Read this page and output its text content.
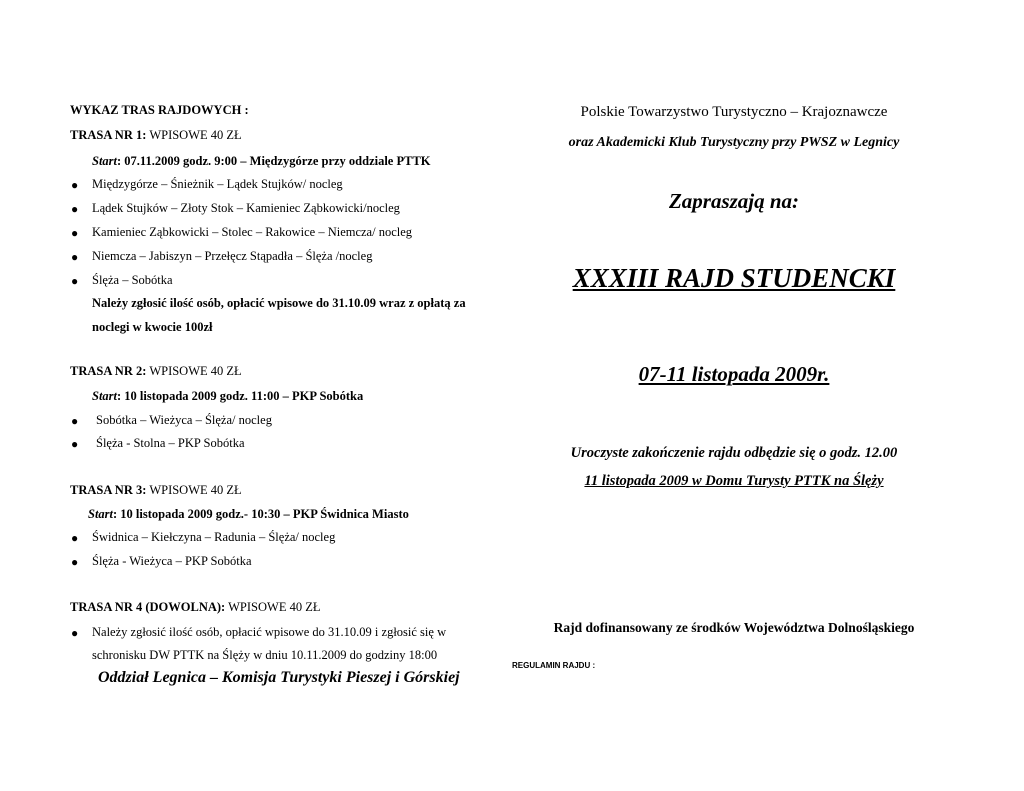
WYKAZ TRAS RAJDOWYCH :
TRASA NR 1: WPISOWE 40 ZŁ
Start: 07.11.2009 godz. 9:00 – Międzygórze przy oddziale PTTK
● Międzygórze – Śnieżnik – Lądek Stujków/ nocleg
● Lądek Stujków – Złoty Stok – Kamieniec Ząbkowicki/nocleg
● Kamieniec Ząbkowicki – Stolec – Rakowice – Niemcza/ nocleg
● Niemcza – Jabiszyn – Przełęcz Stąpadła – Ślęża /nocleg
● Ślęża – Sobótka
Należy zgłosić ilość osób, opłacić wpisowe do 31.10.09 wraz z opłatą za
noclegi w kwocie 100zł
TRASA NR 2: WPISOWE 40 ZŁ
Start: 10 listopada 2009 godz. 11:00 – PKP Sobótka
● Sobótka – Wieżyca – Ślęża/ nocleg
● Ślęża - Stolna – PKP Sobótka
TRASA NR 3: WPISOWE 40 ZŁ
Start: 10 listopada 2009 godz.- 10:30 – PKP Świdnica Miasto
● Świdnica – Kiełczyna – Radunia – Ślęża/ nocleg
● Ślęża - Wieżyca – PKP Sobótka
TRASA NR 4 (DOWOLNA): WPISOWE 40 ZŁ
● Należy zgłosić ilość osób, opłacić wpisowe do 31.10.09 i zgłosić się w
schronisku DW PTTK na Ślęży w dniu 10.11.2009 do godziny 18:00
Oddział Legnica – Komisja Turystyki Pieszej i Górskiej
Polskie Towarzystwo Turystyczno – Krajoznawcze
oraz Akademicki Klub Turystyczny przy PWSZ w Legnicy
Zapraszają na:
XXXIII RAJD STUDENCKI
07-11 listopada 2009r.
Uroczyste zakończenie rajdu odbędzie się o godz. 12.00
11 listopada 2009 w Domu Turysty PTTK na Ślęży
Rajd dofinansowany ze środków Województwa Dolnośląskiego
REGULAMIN RAJDU :
